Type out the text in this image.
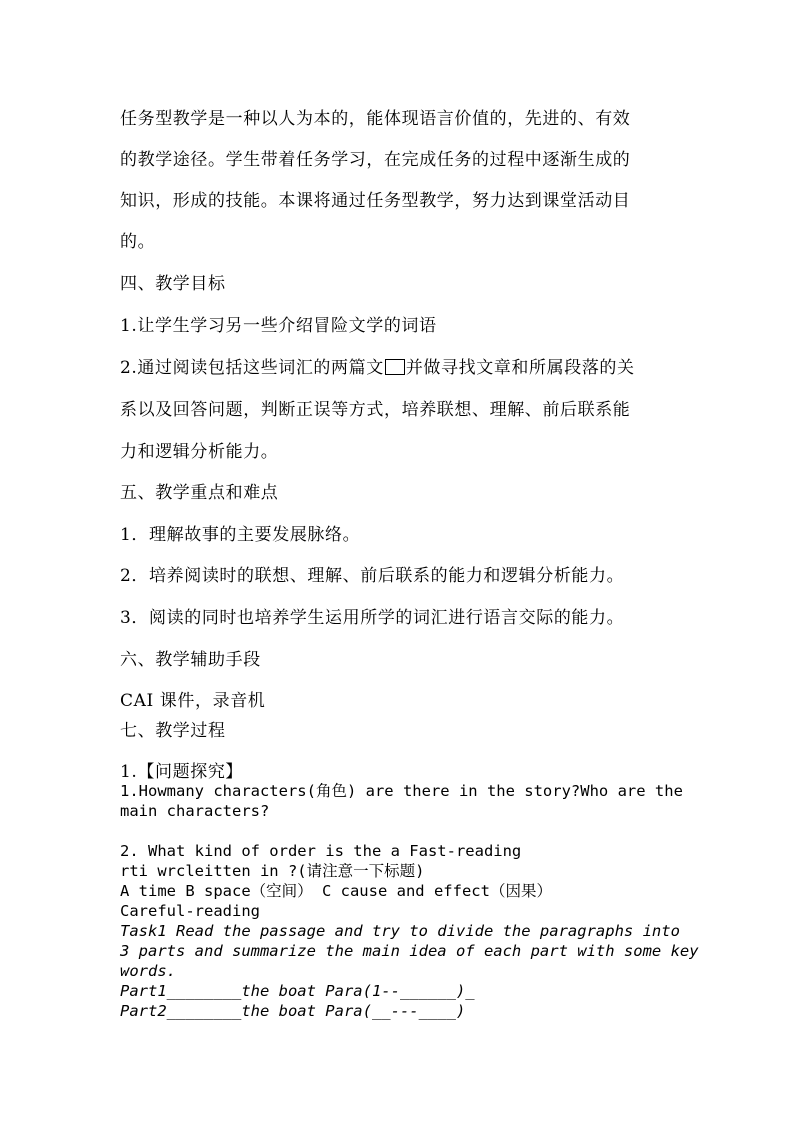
任务型教学是一种以人为本的，能体现语言价值的，先进的、有效
的教学途径。学生带着任务学习，在完成任务的过程中逐渐生成的
知识，形成的技能。本课将通过任务型教学，努力达到课堂活动目
的。
四、教学目标
1.让学生学习另一些介绍冒险文学的词语
2.通过阅读包括这些词汇的两篇文 并做寻找文章和所属段落的关
系以及回答问题，判断正误等方式，培养联想、理解、前后联系能
力和逻辑分析能力。
五、教学重点和难点
1．理解故事的主要发展脉络。
2．培养阅读时的联想、理解、前后联系的能力和逻辑分析能力。
3．阅读的同时也培养学生运用所学的词汇进行语言交际的能力。
六、教学辅助手段
CAI 课件，录音机
七、教学过程
1.【问题探究】
1.Howmany characters(角色) are there in the story?Who are the
main characters?
2. What kind of order is the a Fast-reading
rti wrcleitten in ?(请注意一下标题)
A time B space（空间） C cause and effect（因果）
Careful-reading
Task1 Read the passage and try to divide the paragraphs into
3 parts and summarize the main idea of each part with some key
words.
Part1________the boat Para(1--______)_
Part2________the boat Para(__---____)
